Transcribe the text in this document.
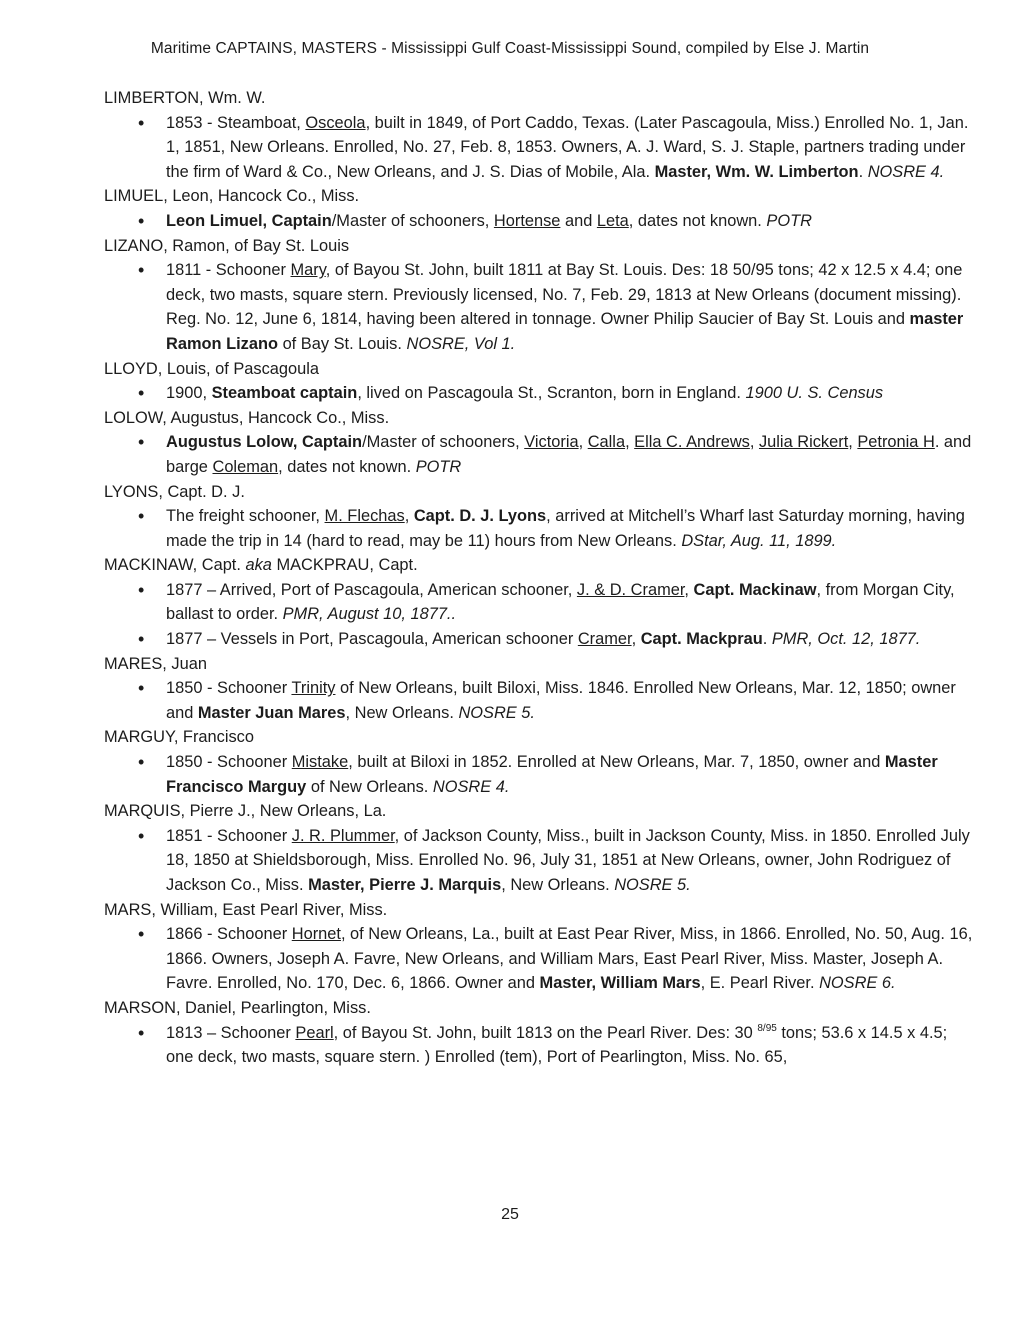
Maritime CAPTAINS, MASTERS - Mississippi Gulf Coast-Mississippi Sound, compiled by Else J. Martin
LIMBERTON, Wm. W.
• 1853 - Steamboat, Osceola, built in 1849, of Port Caddo, Texas. (Later Pascagoula, Miss.) Enrolled No. 1, Jan. 1, 1851, New Orleans. Enrolled, No. 27, Feb. 8, 1853. Owners, A. J. Ward, S. J. Staple, partners trading under the firm of Ward & Co., New Orleans, and J. S. Dias of Mobile, Ala. Master, Wm. W. Limberton. NOSRE 4.
LIMUEL, Leon, Hancock Co., Miss.
• Leon Limuel, Captain/Master of schooners, Hortense and Leta, dates not known. POTR
LIZANO, Ramon, of Bay St. Louis
• 1811 - Schooner Mary, of Bayou St. John, built 1811 at Bay St. Louis. Des: 18 50/95 tons; 42 x 12.5 x 4.4; one deck, two masts, square stern. Previously licensed, No. 7, Feb. 29, 1813 at New Orleans (document missing). Reg. No. 12, June 6, 1814, having been altered in tonnage. Owner Philip Saucier of Bay St. Louis and master Ramon Lizano of Bay St. Louis. NOSRE, Vol 1.
LLOYD, Louis, of Pascagoula
• 1900, Steamboat captain, lived on Pascagoula St., Scranton, born in England. 1900 U. S. Census
LOLOW, Augustus, Hancock Co., Miss.
• Augustus Lolow, Captain/Master of schooners, Victoria, Calla, Ella C. Andrews, Julia Rickert, Petronia H. and barge Coleman, dates not known. POTR
LYONS, Capt. D. J.
• The freight schooner, M. Flechas, Capt. D. J. Lyons, arrived at Mitchell’s Wharf last Saturday morning, having made the trip in 14 (hard to read, may be 11) hours from New Orleans. DStar, Aug. 11, 1899.
MACKINAW, Capt. aka MACKPRAU, Capt.
• 1877 – Arrived, Port of Pascagoula, American schooner, J. & D. Cramer, Capt. Mackinaw, from Morgan City, ballast to order. PMR, August 10, 1877..
• 1877 – Vessels in Port, Pascagoula, American schooner Cramer, Capt. Mackprau. PMR, Oct. 12, 1877.
MARES, Juan
• 1850 - Schooner Trinity of New Orleans, built Biloxi, Miss. 1846. Enrolled New Orleans, Mar. 12, 1850; owner and Master Juan Mares, New Orleans. NOSRE 5.
MARGUY, Francisco
• 1850 - Schooner Mistake, built at Biloxi in 1852. Enrolled at New Orleans, Mar. 7, 1850, owner and Master Francisco Marguy of New Orleans. NOSRE 4.
MARQUIS, Pierre J., New Orleans, La.
• 1851 - Schooner J. R. Plummer, of Jackson County, Miss., built in Jackson County, Miss. in 1850. Enrolled July 18, 1850 at Shieldsborough, Miss. Enrolled No. 96, July 31, 1851 at New Orleans, owner, John Rodriguez of Jackson Co., Miss. Master, Pierre J. Marquis, New Orleans. NOSRE 5.
MARS, William, East Pearl River, Miss.
• 1866 - Schooner Hornet, of New Orleans, La., built at East Pear River, Miss, in 1866. Enrolled, No. 50, Aug. 16, 1866. Owners, Joseph A. Favre, New Orleans, and William Mars, East Pearl River, Miss. Master, Joseph A. Favre. Enrolled, No. 170, Dec. 6, 1866. Owner and Master, William Mars, E. Pearl River. NOSRE 6.
MARSON, Daniel, Pearlington, Miss.
• 1813 – Schooner Pearl, of Bayou St. John, built 1813 on the Pearl River. Des: 30 $^{8/95}$ tons; 53.6 x 14.5 x 4.5; one deck, two masts, square stern. ) Enrolled (tem), Port of Pearlington, Miss. No. 65,
25
